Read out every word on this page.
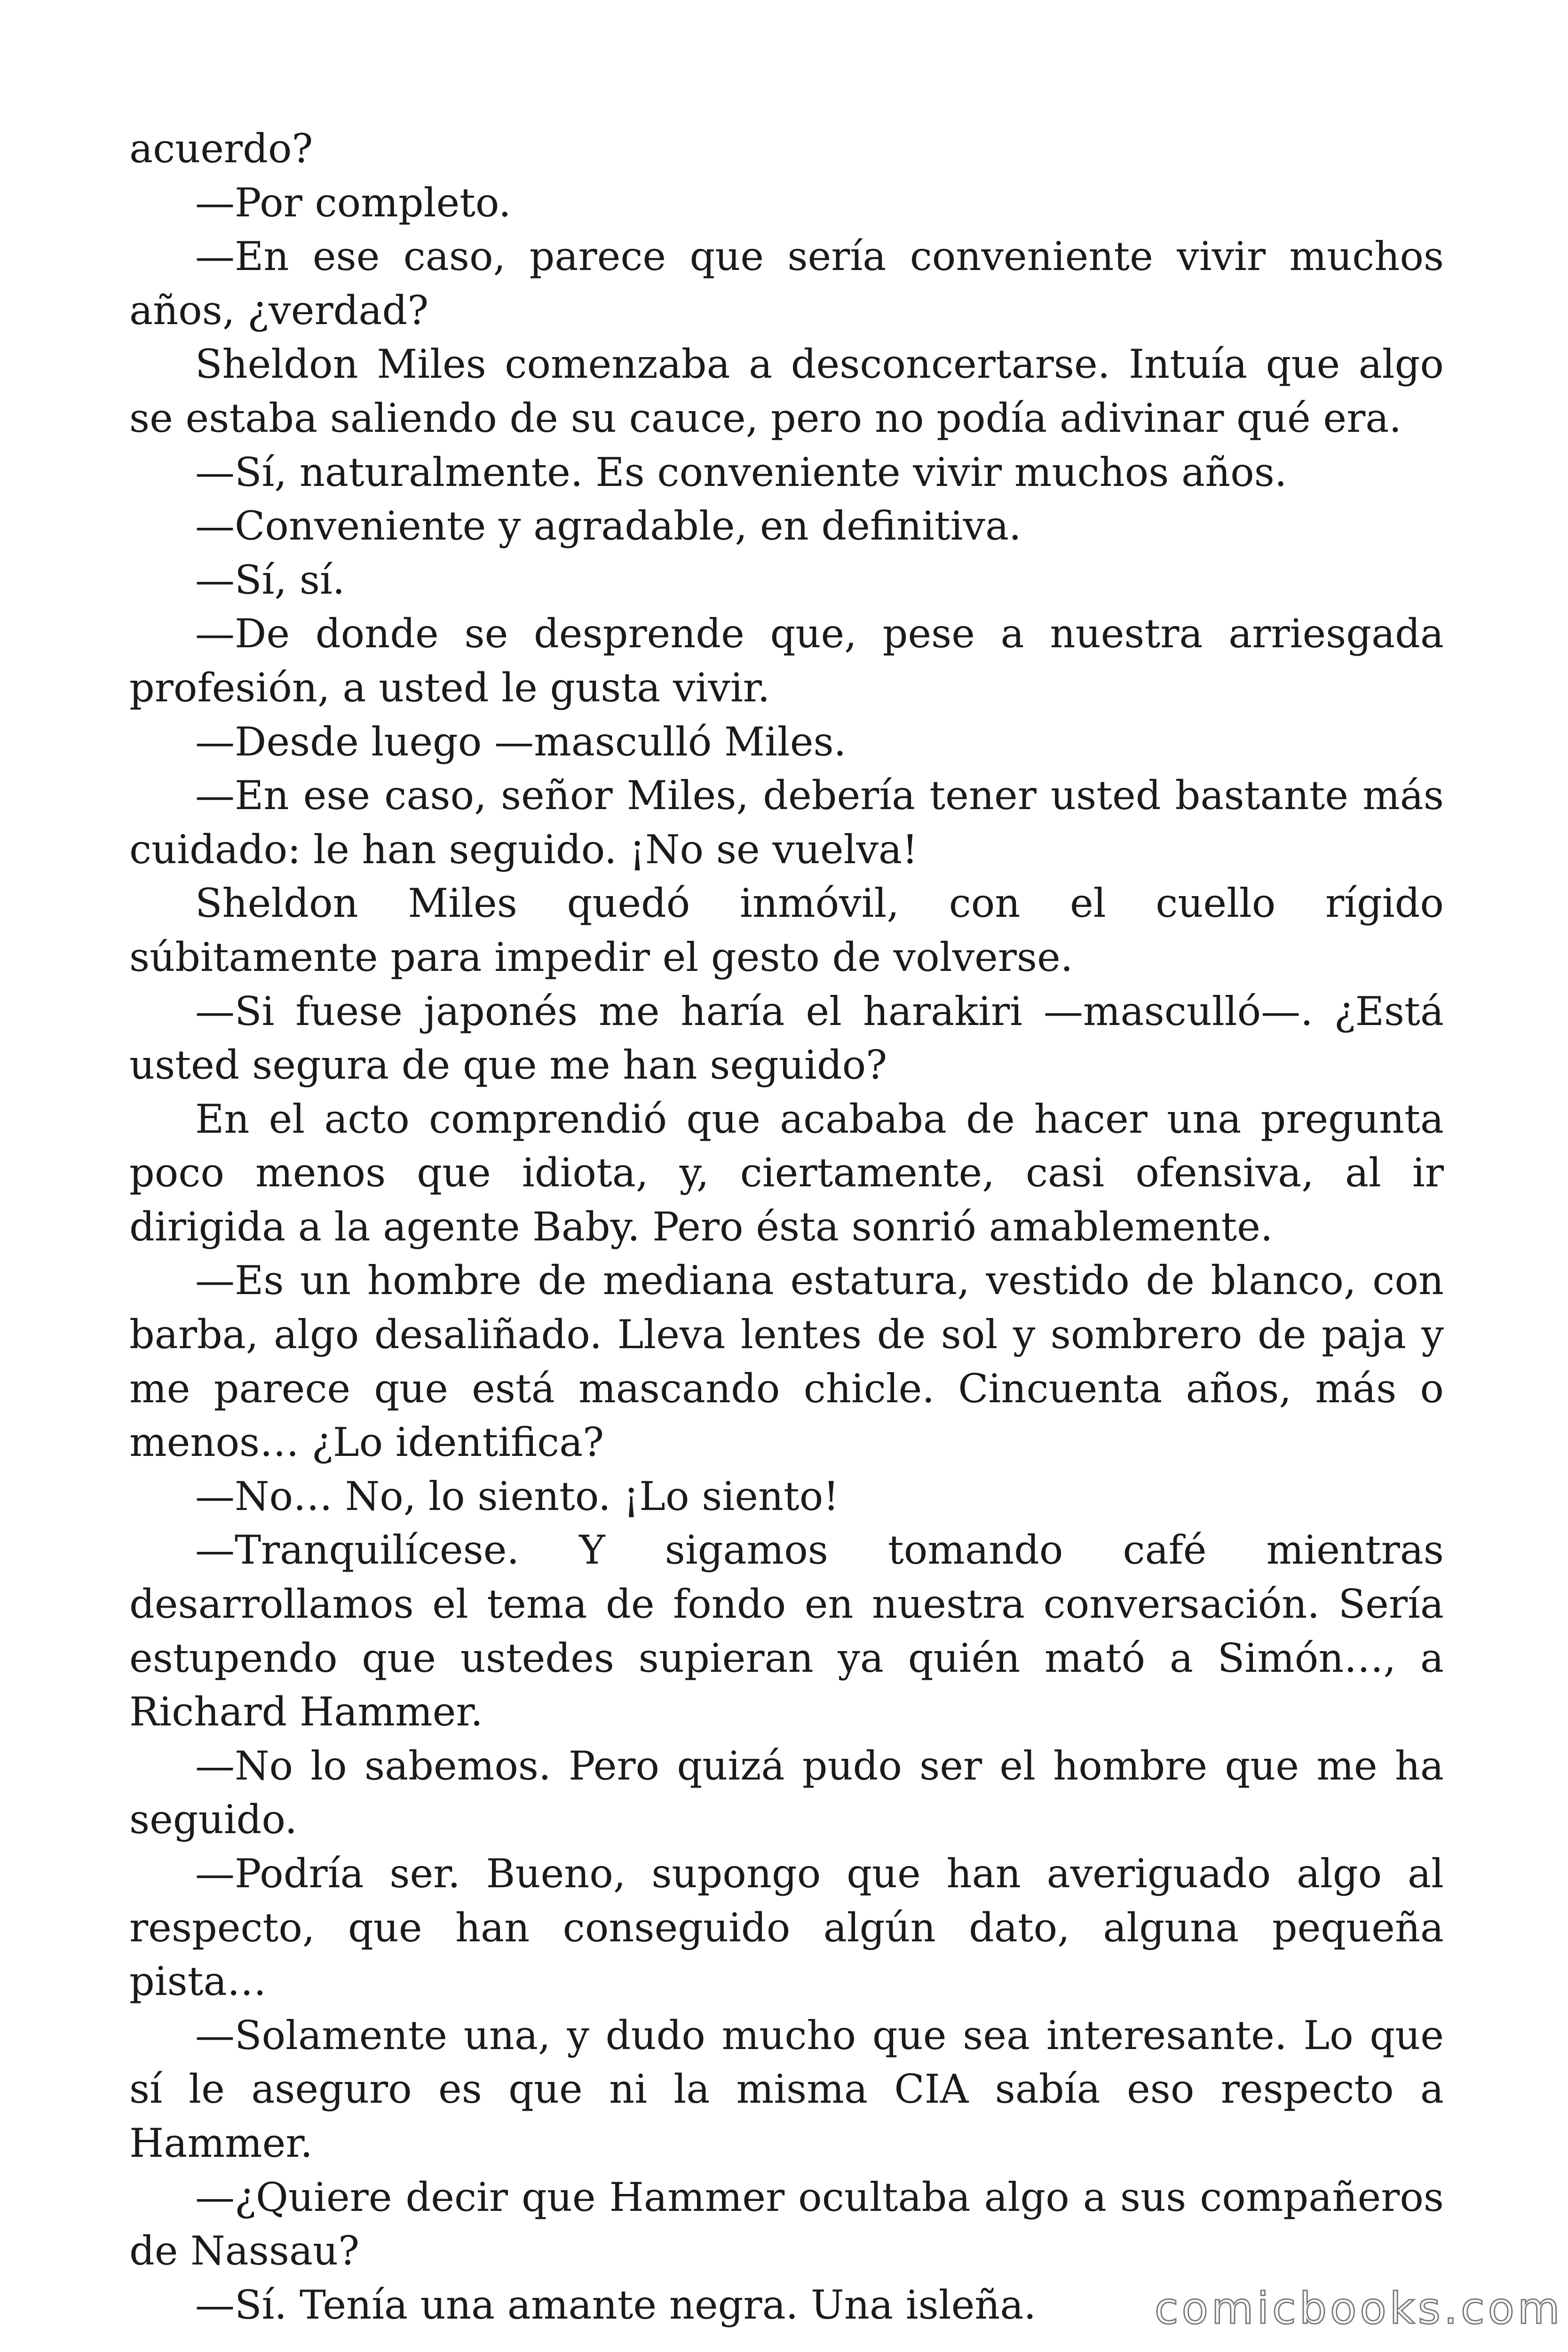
acuerdo?

—Por completo.

—En ese caso, parece que sería conveniente vivir muchos años, ¿verdad?

Sheldon Miles comenzaba a desconcertarse. Intuía que algo se estaba saliendo de su cauce, pero no podía adivinar qué era.

—Sí, naturalmente. Es conveniente vivir muchos años.

—Conveniente y agradable, en definitiva.

—Sí, sí.

—De donde se desprende que, pese a nuestra arriesgada profesión, a usted le gusta vivir.

—Desde luego —masculló Miles.

—En ese caso, señor Miles, debería tener usted bastante más cuidado: le han seguido. ¡No se vuelva!

Sheldon Miles quedó inmóvil, con el cuello rígido súbitamente para impedir el gesto de volverse.

—Si fuese japonés me haría el harakiri —masculló—. ¿Está usted segura de que me han seguido?

En el acto comprendió que acababa de hacer una pregunta poco menos que idiota, y, ciertamente, casi ofensiva, al ir dirigida a la agente Baby. Pero ésta sonrió amablemente.

—Es un hombre de mediana estatura, vestido de blanco, con barba, algo desaliñado. Lleva lentes de sol y sombrero de paja y me parece que está mascando chicle. Cincuenta años, más o menos… ¿Lo identifica?

—No… No, lo siento. ¡Lo siento!

—Tranquilícese. Y sigamos tomando café mientras desarrollamos el tema de fondo en nuestra conversación. Sería estupendo que ustedes supieran ya quién mató a Simón…, a Richard Hammer.

—No lo sabemos. Pero quizá pudo ser el hombre que me ha seguido.

—Podría ser. Bueno, supongo que han averiguado algo al respecto, que han conseguido algún dato, alguna pequeña pista…

—Solamente una, y dudo mucho que sea interesante. Lo que sí le aseguro es que ni la misma CIA sabía eso respecto a Hammer.

—¿Quiere decir que Hammer ocultaba algo a sus compañeros de Nassau?

—Sí. Tenía una amante negra. Una isleña.	comicbooks.com
